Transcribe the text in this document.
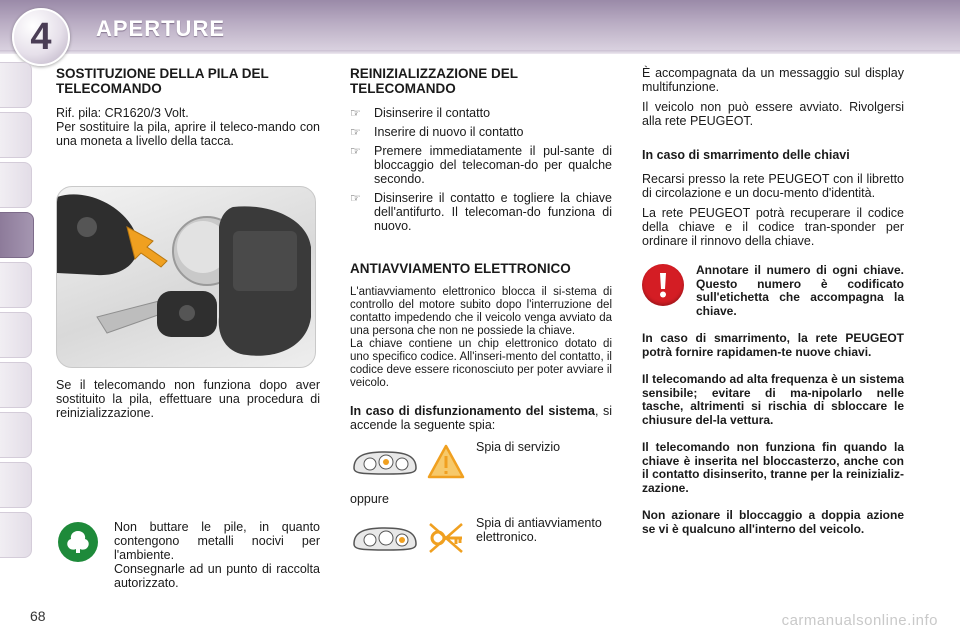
4 APERTURE
SOSTITUZIONE DELLA PILA DEL TELECOMANDO

Rif. pila: CR1620/3 Volt.
Per sostituire la pila, aprire il teleco-mando con una moneta a livello della tacca.

Se il telecomando non funziona dopo aver sostituito la pila, effettuare una procedura di reinizializzazione.

Non buttare le pile, in quanto contengono metalli nocivi per l'ambiente.
Consegnarle ad un punto di raccolta autorizzato.

REINIZIALIZZAZIONE DEL TELECOMANDO
☞ Disinserire il contatto
☞ Inserire di nuovo il contatto
☞ Premere immediatamente il pul-sante di bloccaggio del telecoman-do per qualche secondo.
☞ Disinserire il contatto e togliere la chiave dell'antifurto. Il telecoman-do funziona di nuovo.
ANTIAVVIAMENTO ELETTRONICO

L'antiavviamento elettronico blocca il si-stema di controllo del motore subito dopo l'interruzione del contatto impedendo che il veicolo venga avviato da una persona che non ne possiede la chiave.
La chiave contiene un chip elettronico dotato di uno specifico codice. All'inseri-mento del contatto, il codice deve essere riconosciuto per poter avviare il veicolo.

In caso di disfunzionamento del sistema, si accende la seguente spia:

Spia di servizio

oppure

Spia di antiavviamento elettronico.

È accompagnata da un messaggio sul display multifunzione.

Il veicolo non può essere avviato. Rivolgersi alla rete PEUGEOT.

In caso di smarrimento delle chiavi

Recarsi presso la rete PEUGEOT con il libretto di circolazione e un docu-mento d'identità.

La rete PEUGEOT potrà recuperare il codice della chiave e il codice tran-sponder per ordinare il rinnovo della chiave.

Annotare il numero di ogni chiave. Questo numero è codificato sull'etichetta che accompagna la chiave.

In caso di smarrimento, la rete PEUGEOT potrà fornire rapidamen-te nuove chiavi.

Il telecomando ad alta frequenza è un sistema sensibile; evitare di ma-nipolarlo nelle tasche, altrimenti si rischia di sbloccare le chiusure del-la vettura.

Il telecomando non funziona fin quando la chiave è inserita nel bloccasterzo, anche con il contatto disinserito, tranne per la reinizializ-zazione.

Non azionare il bloccaggio a doppia azione se vi è qualcuno all'interno del veicolo.

68	carmanualsonline.info
